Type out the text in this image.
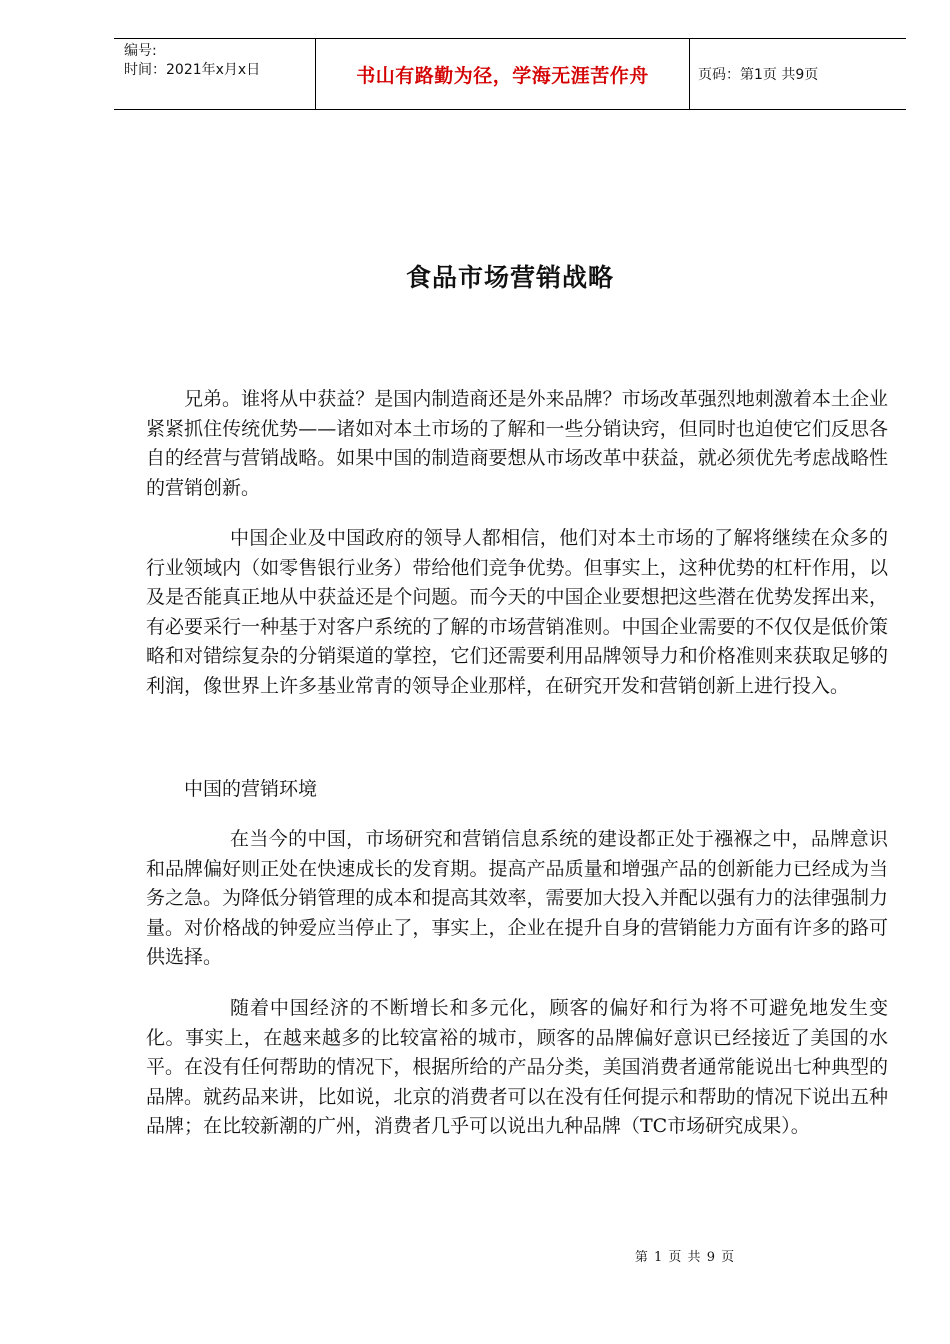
编号:
时间：2021年x月x日	书山有路勤为径，学海无涯苦作舟	页码：第1页 共9页
食品市场营销战略

兄弟。谁将从中获益？是国内制造商还是外来品牌？市场改革强烈地刺激着本土企业紧紧抓住传统优势——诸如对本土市场的了解和一些分销诀窍，但同时也迫使它们反思各自的经营与营销战略。如果中国的制造商要想从市场改革中获益，就必须优先考虑战略性的营销创新。

中国企业及中国政府的领导人都相信，他们对本土市场的了解将继续在众多的行业领域内（如零售银行业务）带给他们竞争优势。但事实上，这种优势的杠杆作用，以及是否能真正地从中获益还是个问题。而今天的中国企业要想把这些潜在优势发挥出来，有必要采行一种基于对客户系统的了解的市场营销准则。中国企业需要的不仅仅是低价策略和对错综复杂的分销渠道的掌控，它们还需要利用品牌领导力和价格准则来获取足够的利润，像世界上许多基业常青的领导企业那样，在研究开发和营销创新上进行投入。

中国的营销环境

在当今的中国，市场研究和营销信息系统的建设都正处于襁褓之中，品牌意识和品牌偏好则正处在快速成长的发育期。提高产品质量和增强产品的创新能力已经成为当务之急。为降低分销管理的成本和提高其效率，需要加大投入并配以强有力的法律强制力量。对价格战的钟爱应当停止了，事实上，企业在提升自身的营销能力方面有许多的路可供选择。

随着中国经济的不断增长和多元化，顾客的偏好和行为将不可避免地发生变化。事实上，在越来越多的比较富裕的城市，顾客的品牌偏好意识已经接近了美国的水平。在没有任何帮助的情况下，根据所给的产品分类，美国消费者通常能说出七种典型的品牌。就药品来讲，比如说，北京的消费者可以在没有任何提示和帮助的情况下说出五种品牌；在比较新潮的广州，消费者几乎可以说出九种品牌（TC市场研究成果）。

第 1 页 共 9 页
